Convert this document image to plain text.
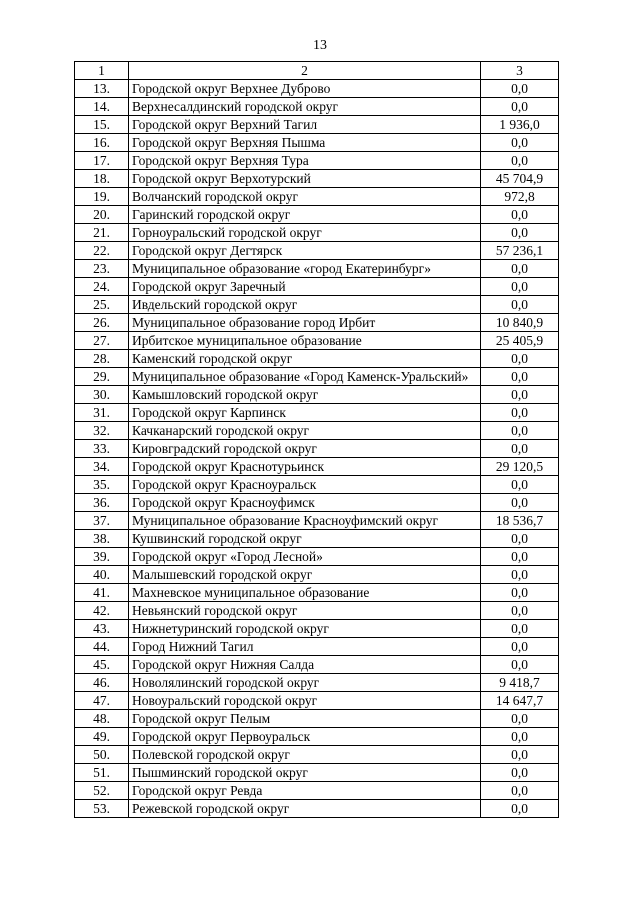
13
1	2	3
13.	Городской округ Верхнее Дуброво	0,0
14.	Верхнесалдинский городской округ	0,0
15.	Городской округ Верхний Тагил	1 936,0
16.	Городской округ Верхняя Пышма	0,0
17.	Городской округ Верхняя Тура	0,0
18.	Городской округ Верхотурский	45 704,9
19.	Волчанский городской округ	972,8
20.	Гаринский городской округ	0,0
21.	Горноуральский городской округ	0,0
22.	Городской округ Дегтярск	57 236,1
23.	Муниципальное образование «город Екатеринбург»	0,0
24.	Городской округ Заречный	0,0
25.	Ивдельский городской округ	0,0
26.	Муниципальное образование город Ирбит	10 840,9
27.	Ирбитское муниципальное образование	25 405,9
28.	Каменский городской округ	0,0
29.	Муниципальное образование «Город Каменск-Уральский»	0,0
30.	Камышловский городской округ	0,0
31.	Городской округ Карпинск	0,0
32.	Качканарский городской округ	0,0
33.	Кировградский городской округ	0,0
34.	Городской округ Краснотурьинск	29 120,5
35.	Городской округ Красноуральск	0,0
36.	Городской округ Красноуфимск	0,0
37.	Муниципальное образование Красноуфимский округ	18 536,7
38.	Кушвинский городской округ	0,0
39.	Городской округ «Город Лесной»	0,0
40.	Малышевский городской округ	0,0
41.	Махневское муниципальное образование	0,0
42.	Невьянский городской округ	0,0
43.	Нижнетуринский городской округ	0,0
44.	Город Нижний Тагил	0,0
45.	Городской округ Нижняя Салда	0,0
46.	Новолялинский городской округ	9 418,7
47.	Новоуральский городской округ	14 647,7
48.	Городской округ Пелым	0,0
49.	Городской округ Первоуральск	0,0
50.	Полевской городской округ	0,0
51.	Пышминский городской округ	0,0
52.	Городской округ Ревда	0,0
53.	Режевской городской округ	0,0
